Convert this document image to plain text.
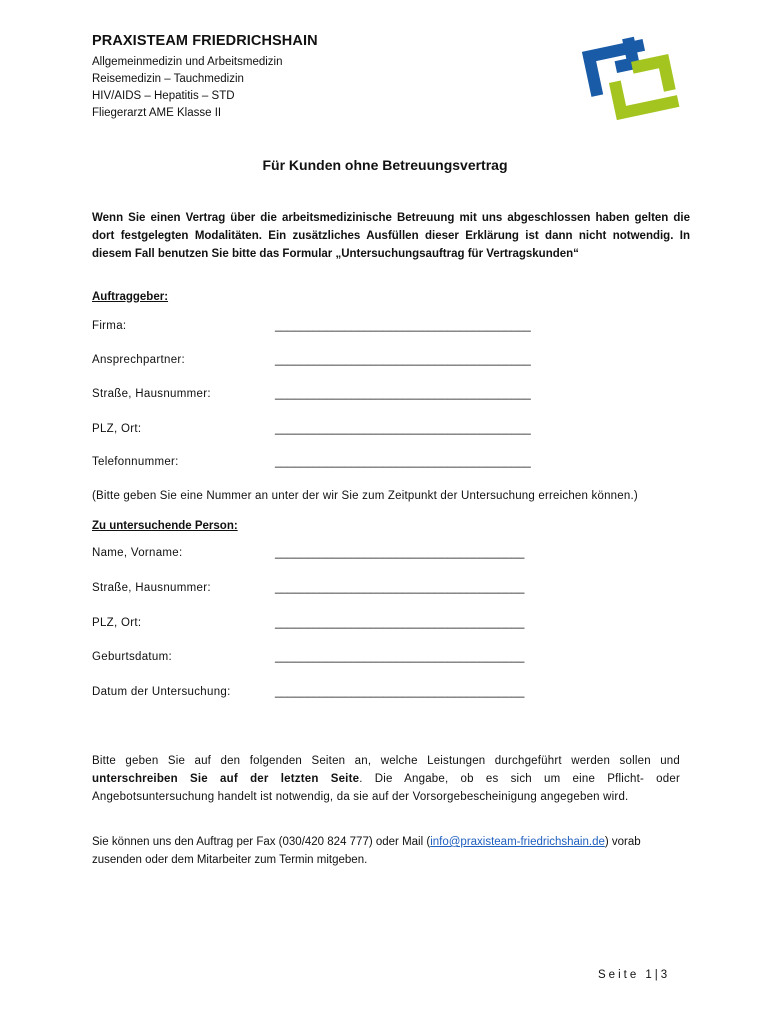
PRAXISTEAM FRIEDRICHSHAIN
Allgemeinmedizin und Arbeitsmedizin
Reisemedizin – Tauchmedizin
HIV/AIDS – Hepatitis – STD
Fliegerarzt AME Klasse II
Für Kunden ohne Betreuungsvertrag
Wenn Sie einen Vertrag über die arbeitsmedizinische Betreuung mit uns abgeschlossen haben gelten die dort festgelegten Modalitäten. Ein zusätzliches Ausfüllen dieser Erklärung ist dann nicht notwendig. In diesem Fall benutzen Sie bitte das Formular „Untersuchungsauftrag für Vertragskunden“
Auftraggeber:
Firma:	________________________________________
Ansprechpartner:	________________________________________
Straße, Hausnummer:	________________________________________
PLZ, Ort:	________________________________________
Telefonnummer:	________________________________________
(Bitte geben Sie eine Nummer an unter der wir Sie zum Zeitpunkt der Untersuchung erreichen können.)
Zu untersuchende Person:
Name, Vorname:	_______________________________________
Straße, Hausnummer:	_______________________________________
PLZ, Ort:	_______________________________________
Geburtsdatum:	_______________________________________
Datum der Untersuchung:	_______________________________________
Bitte geben Sie auf den folgenden Seiten an, welche Leistungen durchgeführt werden sollen und unterschreiben Sie auf der letzten Seite. Die Angabe, ob es sich um eine Pflicht- oder Angebotsuntersuchung handelt ist notwendig, da sie auf der Vorsorgebescheinigung angegeben wird.
Sie können uns den Auftrag per Fax (030/420 824 777) oder Mail (info@praxisteam-friedrichshain.de) vorab zusenden oder dem Mitarbeiter zum Termin mitgeben.
Seite 1|3
